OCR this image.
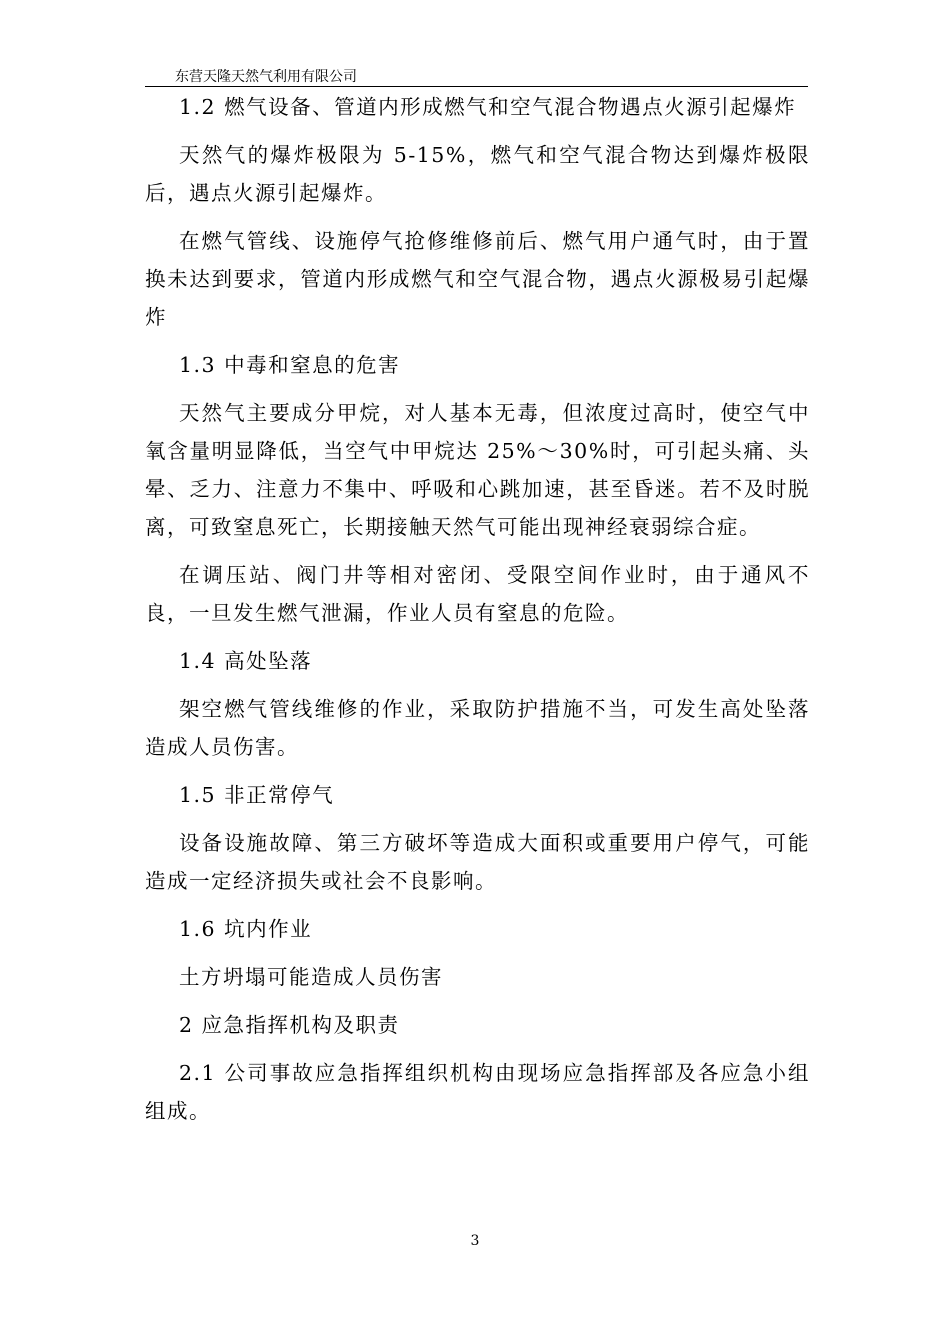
东营天隆天然气利用有限公司

1.2 燃气设备、管道内形成燃气和空气混合物遇点火源引起爆炸

天然气的爆炸极限为 5-15%，燃气和空气混合物达到爆炸极限后，遇点火源引起爆炸。

在燃气管线、设施停气抢修维修前后、燃气用户通气时，由于置换未达到要求，管道内形成燃气和空气混合物，遇点火源极易引起爆炸

1.3 中毒和窒息的危害

天然气主要成分甲烷，对人基本无毒，但浓度过高时，使空气中氧含量明显降低，当空气中甲烷达 25%～30%时，可引起头痛、头晕、乏力、注意力不集中、呼吸和心跳加速，甚至昏迷。若不及时脱离，可致窒息死亡，长期接触天然气可能出现神经衰弱综合症。

在调压站、阀门井等相对密闭、受限空间作业时，由于通风不良，一旦发生燃气泄漏，作业人员有窒息的危险。

1.4 高处坠落

架空燃气管线维修的作业，采取防护措施不当，可发生高处坠落造成人员伤害。

1.5 非正常停气

设备设施故障、第三方破坏等造成大面积或重要用户停气，可能造成一定经济损失或社会不良影响。

1.6 坑内作业

土方坍塌可能造成人员伤害

2 应急指挥机构及职责

2.1 公司事故应急指挥组织机构由现场应急指挥部及各应急小组组成。

3
